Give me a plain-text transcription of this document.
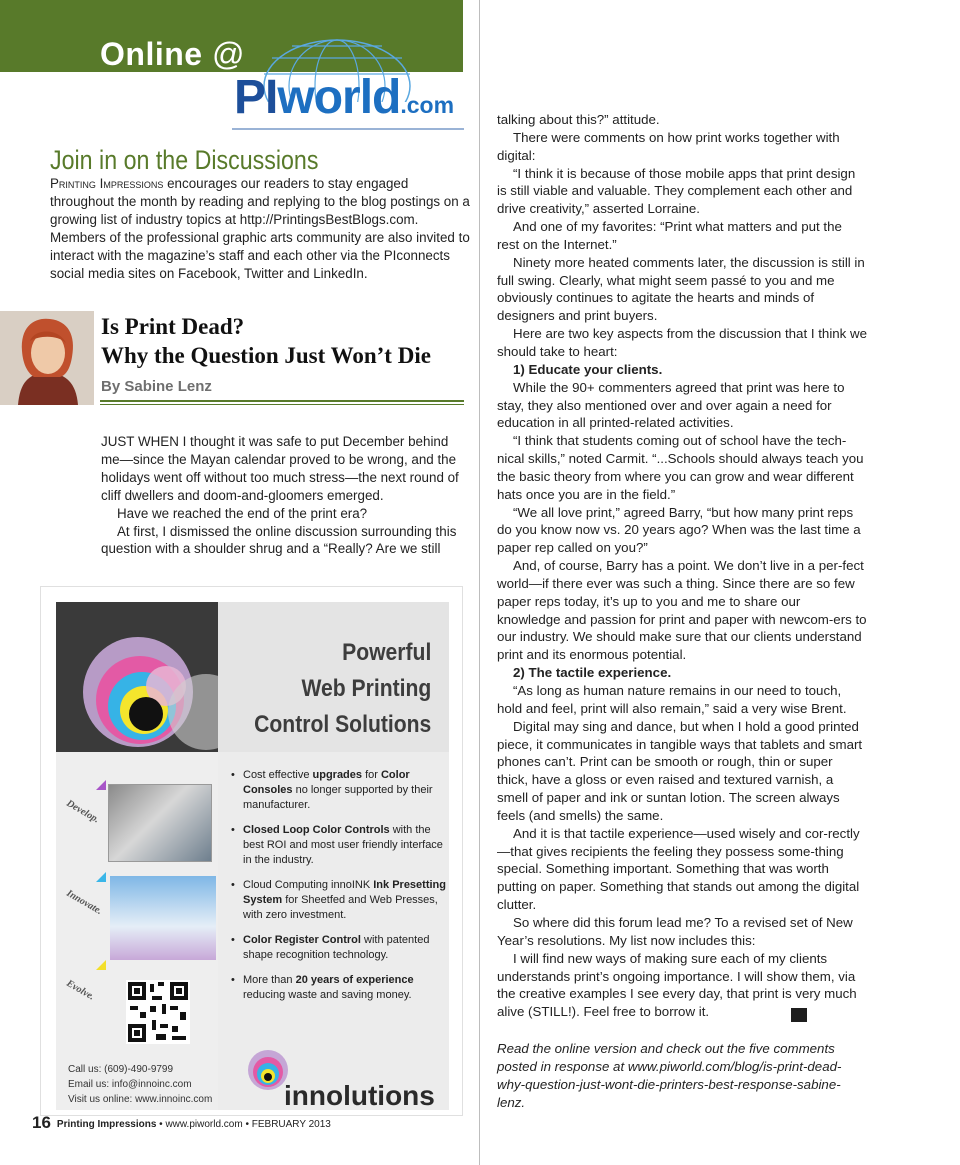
Online @
PIworld.com
Join in on the Discussions

Printing Impressions encourages our readers to stay engaged throughout the month by reading and replying to the blog postings on a growing list of industry topics at http://PrintingsBestBlogs.com. Members of the professional graphic arts community are also invited to interact with the magazine’s staff and each other via the PIconnects social media sites on Facebook, Twitter and LinkedIn.

Is Print Dead?
Why the Question Just Won’t Die
By Sabine Lenz

JUST WHEN I thought it was safe to put December behind me—since the Mayan calendar proved to be wrong, and the holidays went off without too much stress—the next round of cliff dwellers and doom-and-gloomers emerged.

Have we reached the end of the print era?

At first, I dismissed the online discussion surrounding this question with a shoulder shrug and a “Really? Are we still

Powerful
Web Printing
Control Solutions
Develop.
Innovate.
Evolve.
• Cost effective upgrades for Color Consoles no longer supported by their manufacturer.
• Closed Loop Color Controls with the best ROI and most user friendly interface in the industry.
• Cloud Computing innoINK Ink Presetting System for Sheetfed and Web Presses, with zero investment.
• Color Register Control with patented shape recognition technology.
• More than 20 years of experience reducing waste and saving money.
Call us: (609)-490-9799
Email us: info@innoinc.com
Visit us online: www.innoinc.com	innolutions
16 Printing Impressions • www.piworld.com • FEBRUARY 2013

talking about this?” attitude.

There were comments on how print works together with digital:

“I think it is because of those mobile apps that print design is still viable and valuable. They complement each other and drive creativity,” asserted Lorraine.

And one of my favorites: “Print what matters and put the rest on the Internet.”

Ninety more heated comments later, the discussion is still in full swing. Clearly, what might seem passé to you and me obviously continues to agitate the hearts and minds of designers and print buyers.

Here are two key aspects from the discussion that I think we should take to heart:

1) Educate your clients.

While the 90+ commenters agreed that print was here to stay, they also mentioned over and over again a need for education in all printed-related activities.

“I think that students coming out of school have the tech-nical skills,” noted Carmit. “...Schools should always teach you the basic theory from where you can grow and wear different hats once you are in the field.”

“We all love print,” agreed Barry, “but how many print reps do you know now vs. 20 years ago? When was the last time a paper rep called on you?”

And, of course, Barry has a point. We don’t live in a per-fect world—if there ever was such a thing. Since there are so few paper reps today, it’s up to you and me to share our knowledge and passion for print and paper with newcom-ers to our industry. We should make sure that our clients understand print and its enormous potential.

2) The tactile experience.

“As long as human nature remains in our need to touch, hold and feel, print will also remain,” said a very wise Brent.

Digital may sing and dance, but when I hold a good printed piece, it communicates in tangible ways that tablets and smart phones can’t. Print can be smooth or rough, thin or super thick, have a gloss or even raised and textured varnish, a smell of paper and ink or suntan lotion. The screen always feels (and smells) the same.

And it is that tactile experience—used wisely and cor-rectly—that gives recipients the feeling they possess some-thing special. Something important. Something that was worth putting on paper. Something that stands out among the digital clutter.

So where did this forum lead me? To a revised set of New Year’s resolutions. My list now includes this:

I will find new ways of making sure each of my clients understands print’s ongoing importance. I will show them, via the creative examples I see every day, that print is very much alive (STILL!). Feel free to borrow it.	PI

Read the online version and check out the five comments posted in response at www.piworld.com/blog/is-print-dead-why-question-just-wont-die-printers-best-response-sabine-lenz.
